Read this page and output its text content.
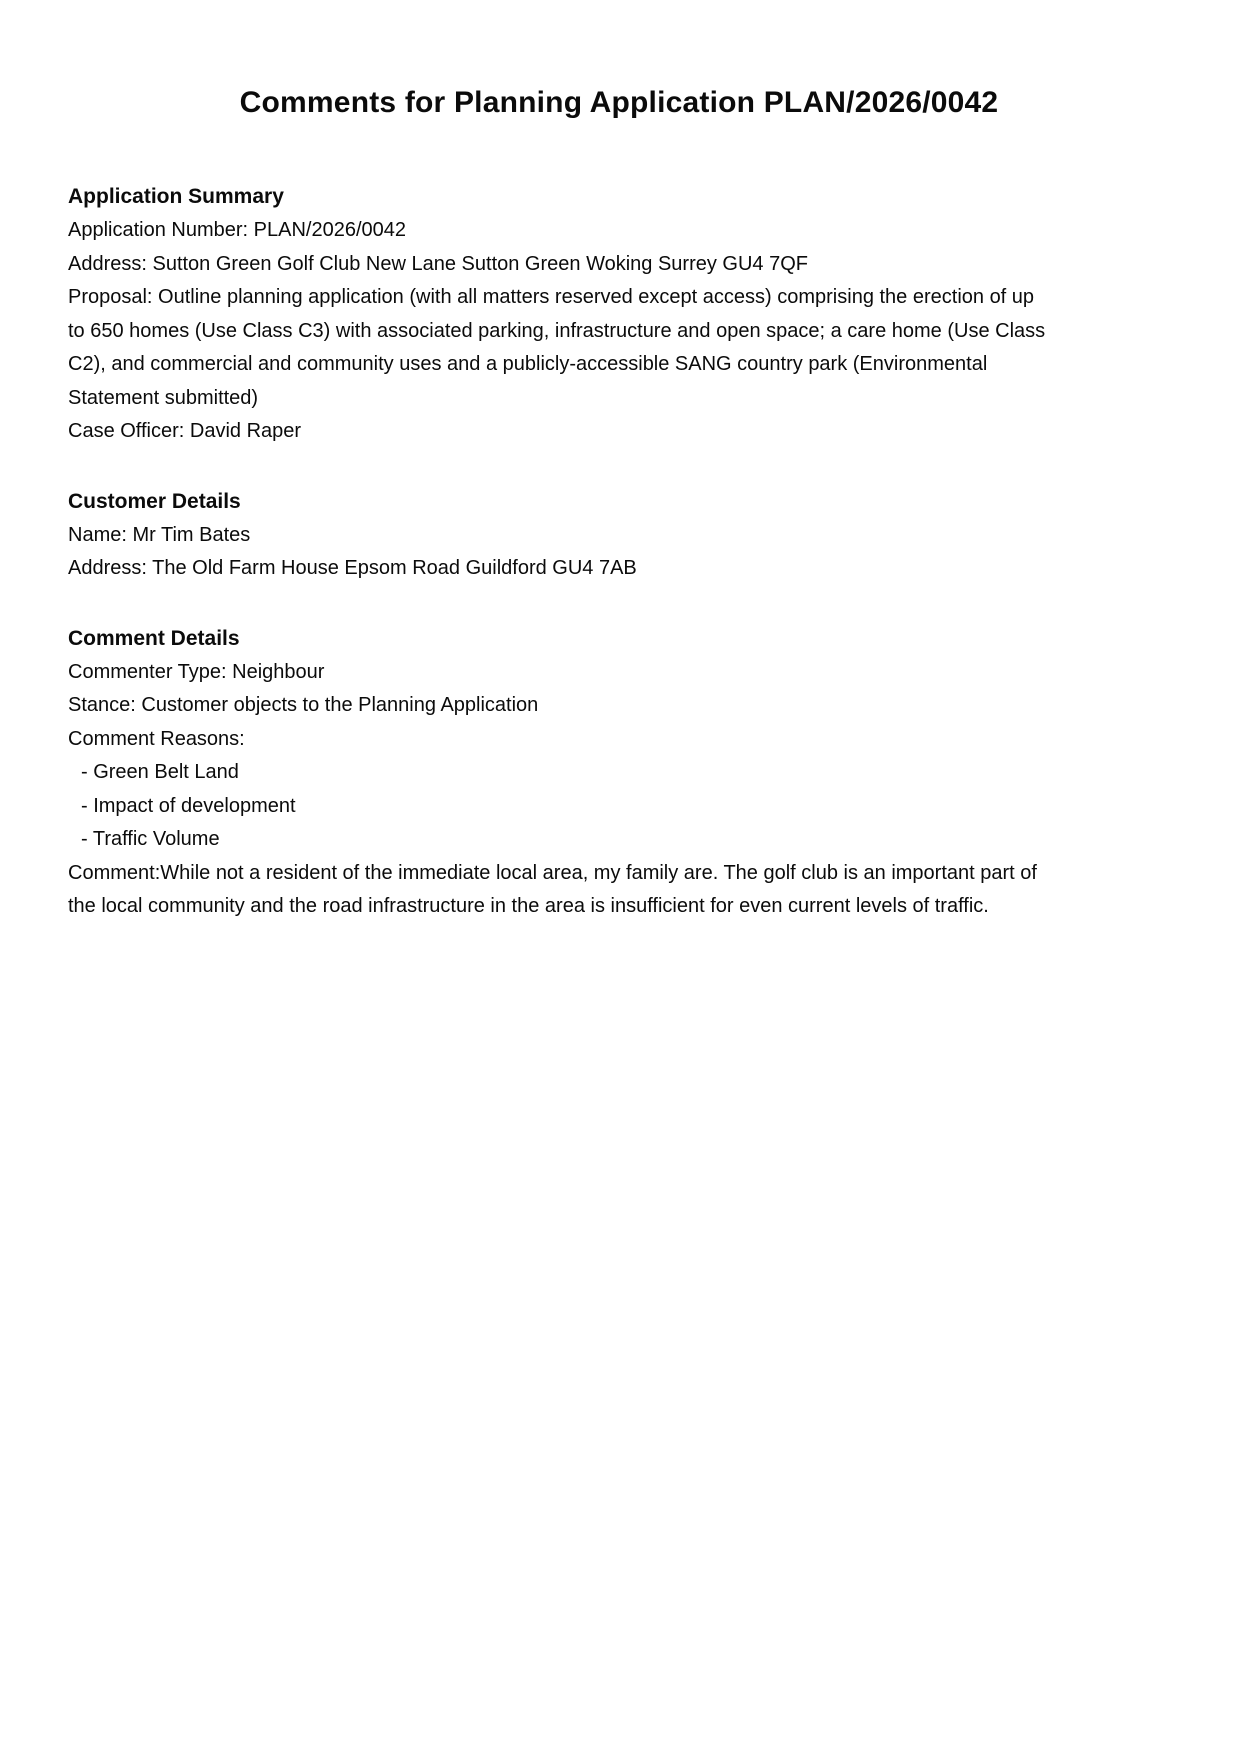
Comments for Planning Application PLAN/2026/0042
Application Summary

Application Number: PLAN/2026/0042

Address: Sutton Green Golf Club New Lane Sutton Green Woking Surrey GU4 7QF

Proposal: Outline planning application (with all matters reserved except access) comprising the erection of up to 650 homes (Use Class C3) with associated parking, infrastructure and open space; a care home (Use Class C2), and commercial and community uses and a publicly-accessible SANG country park (Environmental Statement submitted)

Case Officer: David Raper

Customer Details

Name: Mr Tim Bates

Address: The Old Farm House Epsom Road Guildford GU4 7AB

Comment Details

Commenter Type: Neighbour

Stance: Customer objects to the Planning Application

Comment Reasons:

- Green Belt Land

- Impact of development

- Traffic Volume

Comment:While not a resident of the immediate local area, my family are. The golf club is an important part of the local community and the road infrastructure in the area is insufficient for even current levels of traffic.
